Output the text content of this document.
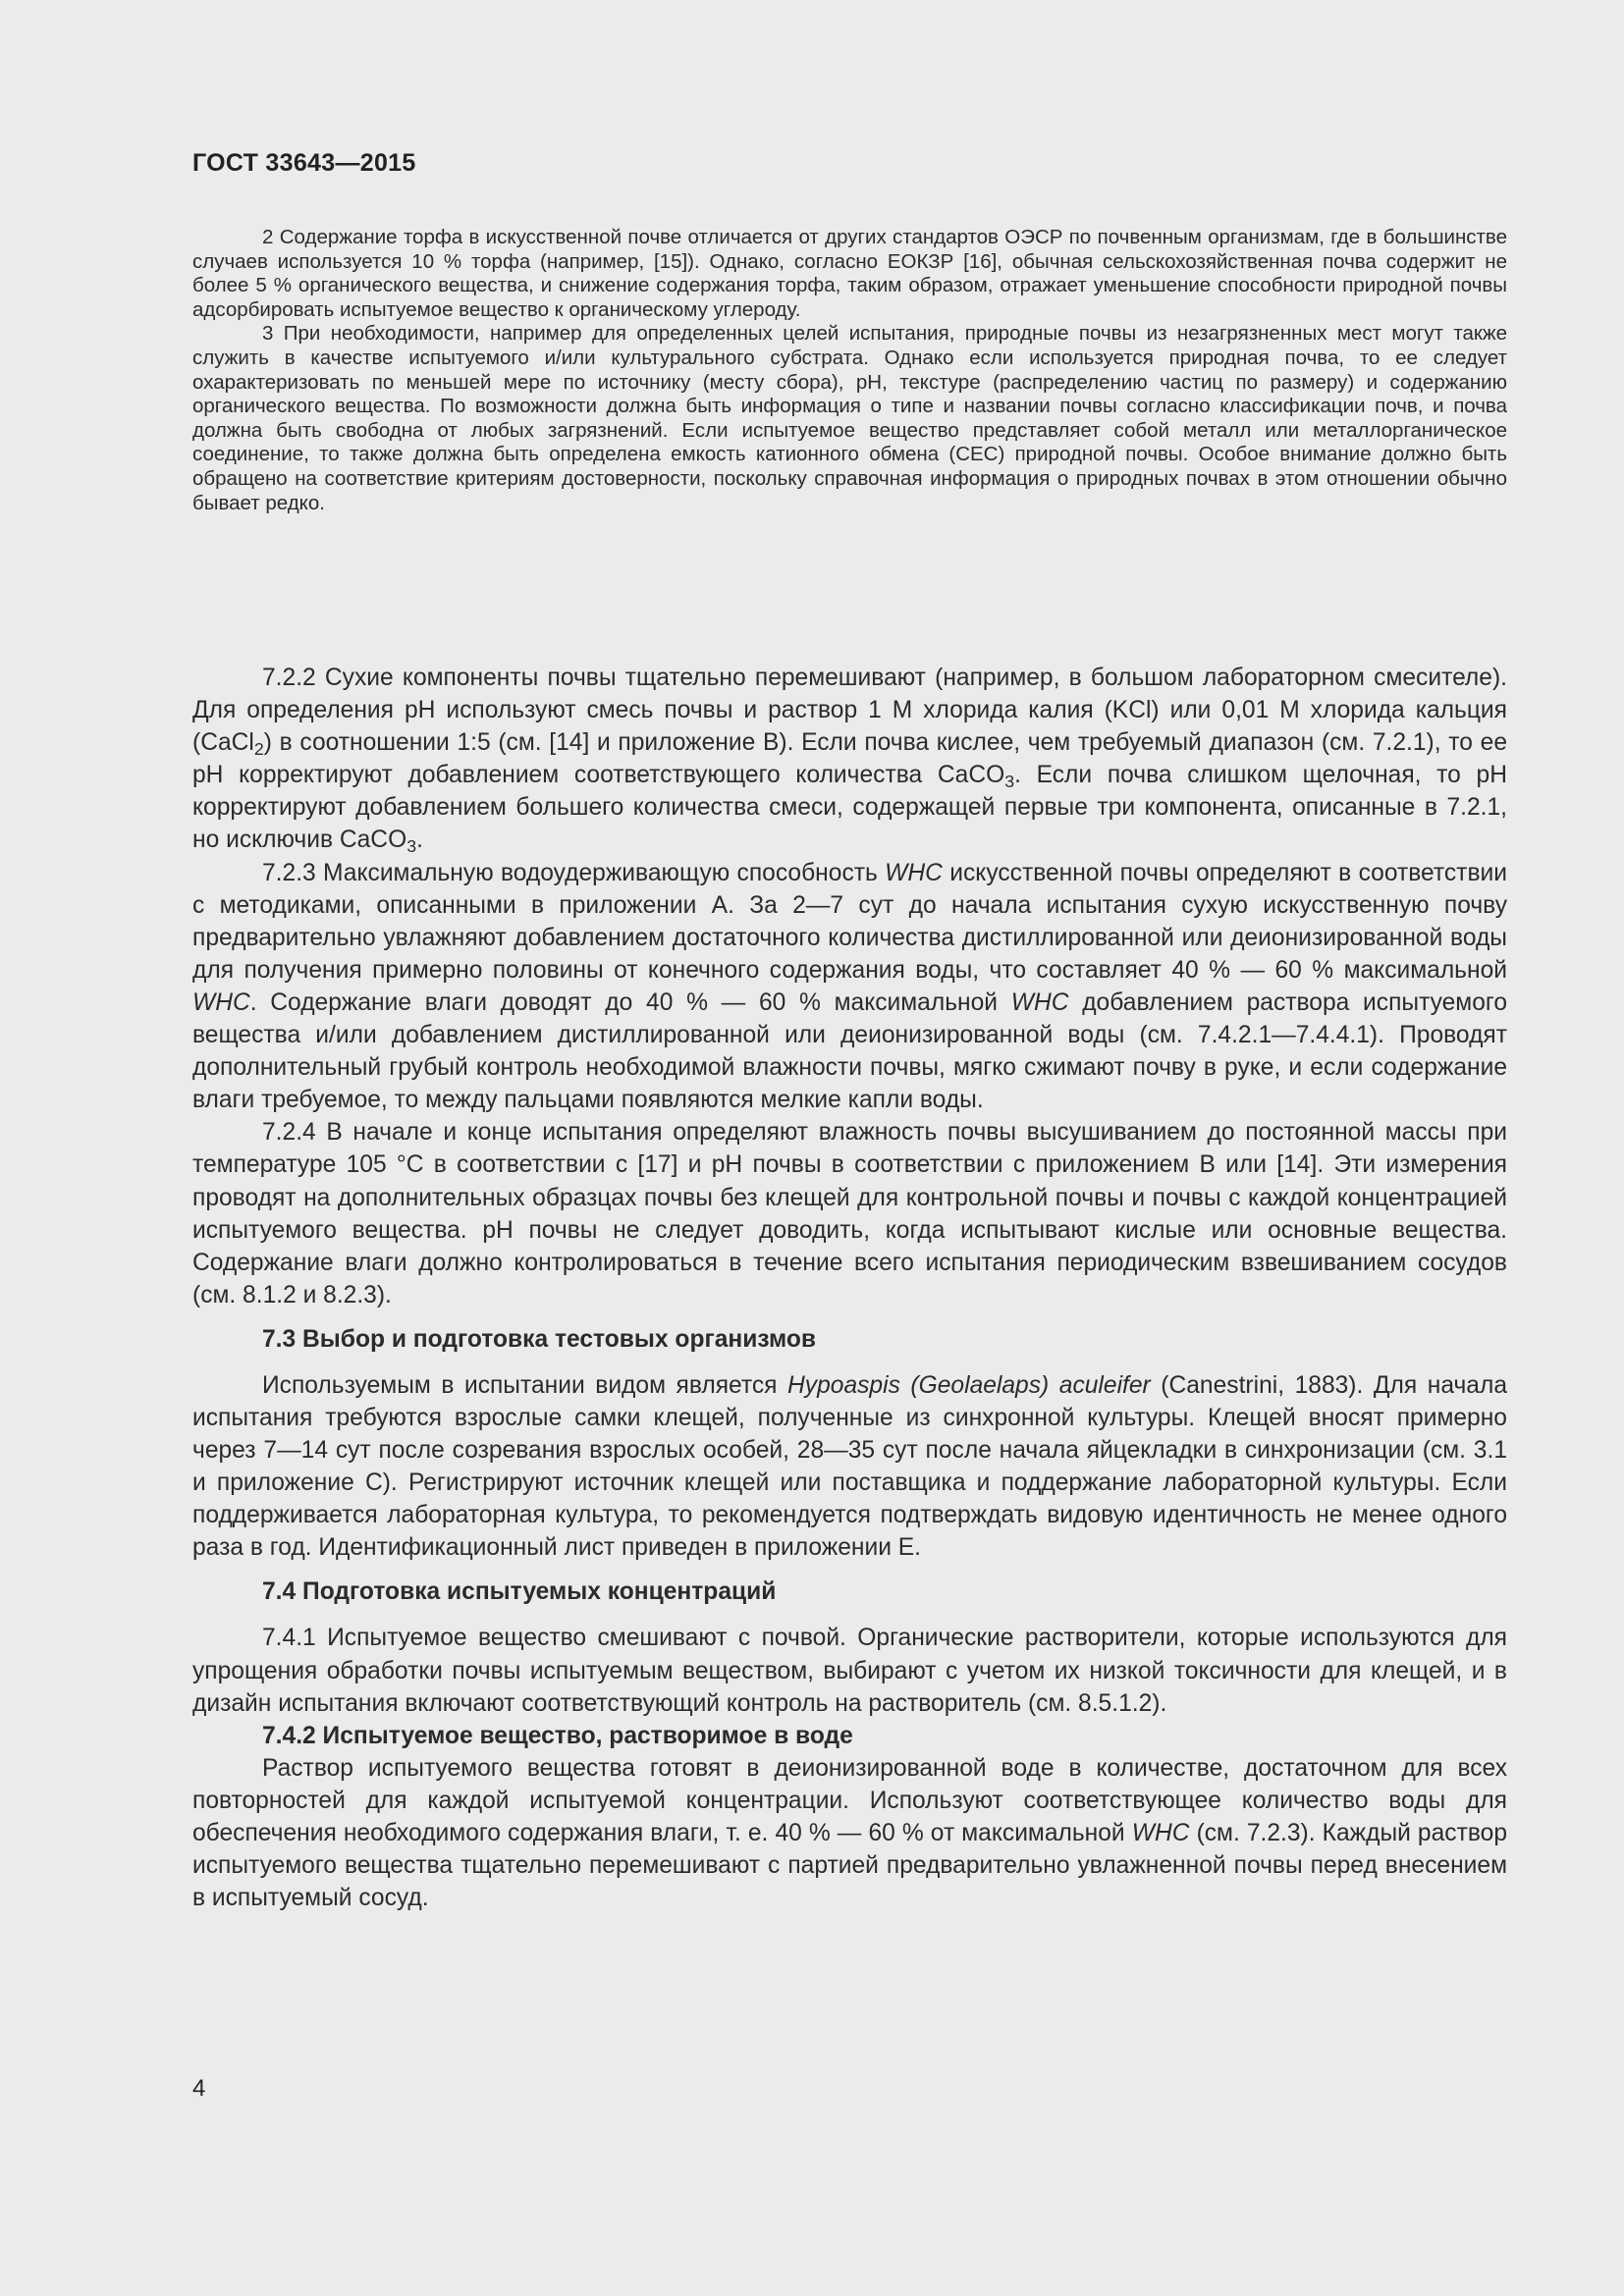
ГОСТ 33643—2015

2 Содержание торфа в искусственной почве отличается от других стандартов ОЭСР по почвенным организмам, где в большинстве случаев используется 10 % торфа (например, [15]). Однако, согласно ЕОКЗР [16], обычная сельскохозяйственная почва содержит не более 5 % органического вещества, и снижение содержания торфа, таким образом, отражает уменьшение способности природной почвы адсорбировать испытуемое вещество к органическому углероду.

3 При необходимости, например для определенных целей испытания, природные почвы из незагрязненных мест могут также служить в качестве испытуемого и/или культурального субстрата. Однако если используется природная почва, то ее следует охарактеризовать по меньшей мере по источнику (месту сбора), pH, текстуре (распределению частиц по размеру) и содержанию органического вещества. По возможности должна быть информация о типе и названии почвы согласно классификации почв, и почва должна быть свободна от любых загрязнений. Если испытуемое вещество представляет собой металл или металлорганическое соединение, то также должна быть определена емкость катионного обмена (CEC) природной почвы. Особое внимание должно быть обращено на соответствие критериям достоверности, поскольку справочная информация о природных почвах в этом отношении обычно бывает редко.

7.2.2 Сухие компоненты почвы тщательно перемешивают (например, в большом лабораторном смесителе). Для определения pH используют смесь почвы и раствор 1 М хлорида калия (KCl) или 0,01 М хлорида кальция (CaCl$_2$) в соотношении 1:5 (см. [14] и приложение В). Если почва кислее, чем требуемый диапазон (см. 7.2.1), то ее pH корректируют добавлением соответствующего количества CaCO$_3$. Если почва слишком щелочная, то pH корректируют добавлением большего количества смеси, содержащей первые три компонента, описанные в 7.2.1, но исключив CaCO$_3$.

7.2.3 Максимальную водоудерживающую способность WHC искусственной почвы определяют в соответствии с методиками, описанными в приложении А. За 2—7 сут до начала испытания сухую искусственную почву предварительно увлажняют добавлением достаточного количества дистиллированной или деионизированной воды для получения примерно половины от конечного содержания воды, что составляет 40 % — 60 % максимальной WHC. Содержание влаги доводят до 40 % — 60 % максимальной WHC добавлением раствора испытуемого вещества и/или добавлением дистиллированной или деионизированной воды (см. 7.4.2.1—7.4.4.1). Проводят дополнительный грубый контроль необходимой влажности почвы, мягко сжимают почву в руке, и если содержание влаги требуемое, то между пальцами появляются мелкие капли воды.

7.2.4 В начале и конце испытания определяют влажность почвы высушиванием до постоянной массы при температуре 105 °С в соответствии с [17] и pH почвы в соответствии с приложением В или [14]. Эти измерения проводят на дополнительных образцах почвы без клещей для контрольной почвы и почвы с каждой концентрацией испытуемого вещества. pH почвы не следует доводить, когда испытывают кислые или основные вещества. Содержание влаги должно контролироваться в течение всего испытания периодическим взвешиванием сосудов (см. 8.1.2 и 8.2.3).

7.3 Выбор и подготовка тестовых организмов

Используемым в испытании видом является Hypoaspis (Geolaelaps) aculeifer (Canestrini, 1883). Для начала испытания требуются взрослые самки клещей, полученные из синхронной культуры. Клещей вносят примерно через 7—14 сут после созревания взрослых особей, 28—35 сут после начала яйцекладки в синхронизации (см. 3.1 и приложение С). Регистрируют источник клещей или поставщика и поддержание лабораторной культуры. Если поддерживается лабораторная культура, то рекомендуется подтверждать видовую идентичность не менее одного раза в год. Идентификационный лист приведен в приложении Е.

7.4 Подготовка испытуемых концентраций

7.4.1 Испытуемое вещество смешивают с почвой. Органические растворители, которые используются для упрощения обработки почвы испытуемым веществом, выбирают с учетом их низкой токсичности для клещей, и в дизайн испытания включают соответствующий контроль на растворитель (см. 8.5.1.2).

7.4.2 Испытуемое вещество, растворимое в воде

Раствор испытуемого вещества готовят в деионизированной воде в количестве, достаточном для всех повторностей для каждой испытуемой концентрации. Используют соответствующее количество воды для обеспечения необходимого содержания влаги, т. е. 40 % — 60 % от максимальной WHC (см. 7.2.3). Каждый раствор испытуемого вещества тщательно перемешивают с партией предварительно увлажненной почвы перед внесением в испытуемый сосуд.

4
